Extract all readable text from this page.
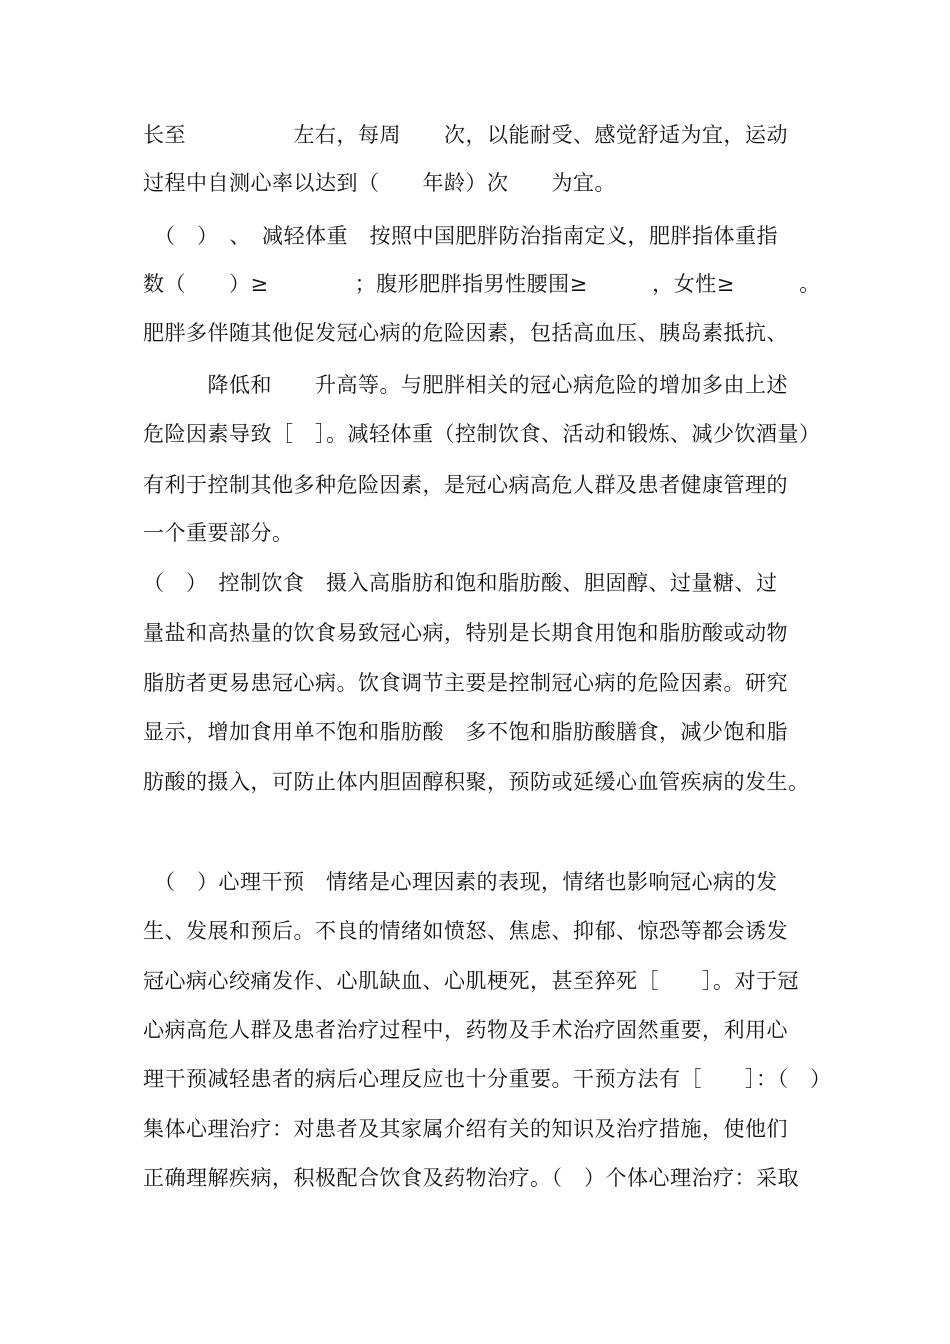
长至　　　　　左右，每周　　次，以能耐受、感觉舒适为宜，运动
过程中自测心率以达到（　　年龄）次　　为宜。
　（　）　、　减轻体重　按照中国肥胖防治指南定义，肥胖指体重指
数（　　）≥　　　　；腹形肥胖指男性腰围≥　　　，女性≥　　　。
肥胖多伴随其他促发冠心病的危险因素，包括高血压、胰岛素抵抗、
　　　降低和　　升高等。与肥胖相关的冠心病危险的增加多由上述
危险因素导致［　］。减轻体重（控制饮食、活动和锻炼、减少饮酒量）
有利于控制其他多种危险因素，是冠心病高危人群及患者健康管理的
一个重要部分。
（　）　控制饮食　摄入高脂肪和饱和脂肪酸、胆固醇、过量糖、过
量盐和高热量的饮食易致冠心病，特别是长期食用饱和脂肪酸或动物
脂肪者更易患冠心病。饮食调节主要是控制冠心病的危险因素。研究
显示，增加食用单不饱和脂肪酸　多不饱和脂肪酸膳食，减少饱和脂
肪酸的摄入，可防止体内胆固醇积聚，预防或延缓心血管疾病的发生。
　（　）心理干预　情绪是心理因素的表现，情绪也影响冠心病的发
生、发展和预后。不良的情绪如愤怒、焦虑、抑郁、惊恐等都会诱发
冠心病心绞痛发作、心肌缺血、心肌梗死，甚至猝死［　　］。对于冠
心病高危人群及患者治疗过程中，药物及手术治疗固然重要，利用心
理干预减轻患者的病后心理反应也十分重要。干预方法有［　　］：（　）
集体心理治疗：对患者及其家属介绍有关的知识及治疗措施，使他们
正确理解疾病，积极配合饮食及药物治疗。（　）个体心理治疗：采取
